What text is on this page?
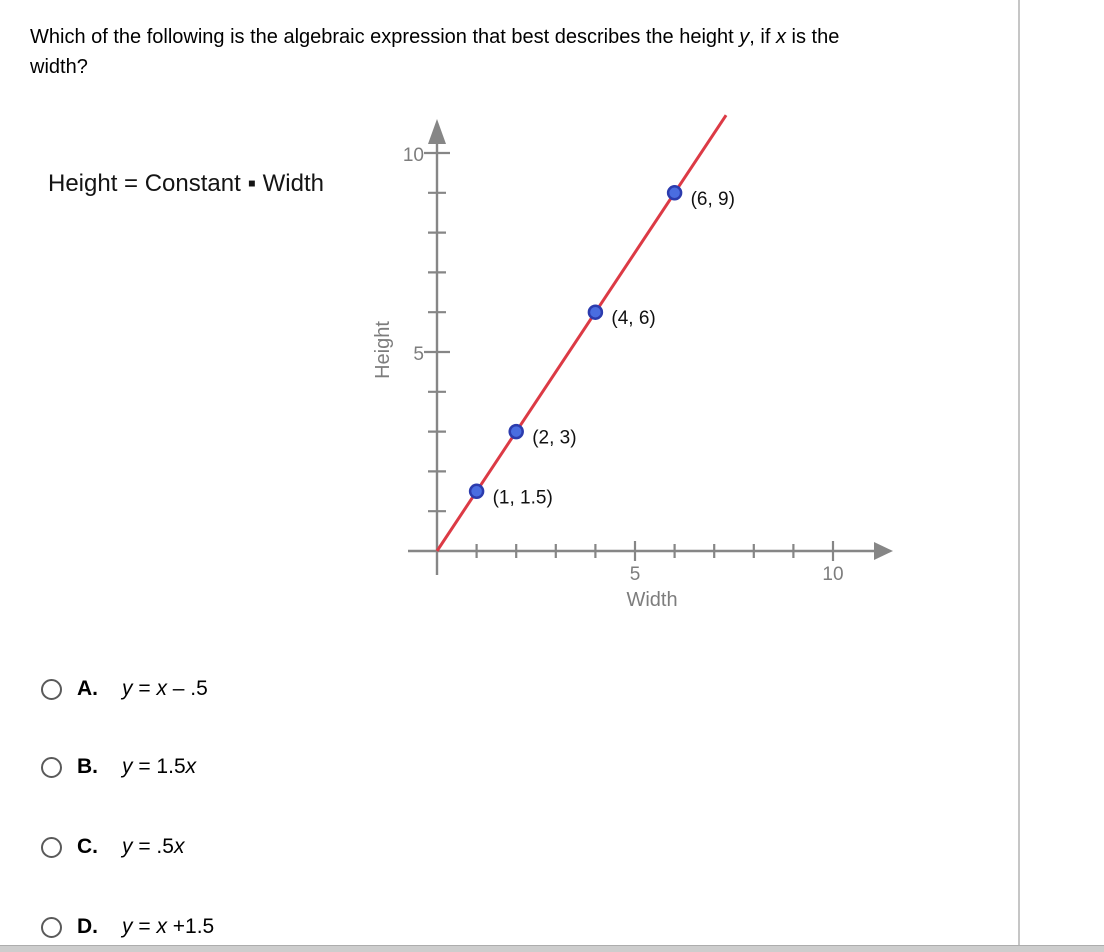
Which of the following is the algebraic expression that best describes the height y, if x is the
width?
Height = Constant ▪ Width
5
5
10
10
Width
Height
(1, 1.5)
(2, 3)
(4, 6)
(6, 9)
A.	y = x – .5
B.	y = 1.5x
C.	y = .5x
D.	y = x +1.5
